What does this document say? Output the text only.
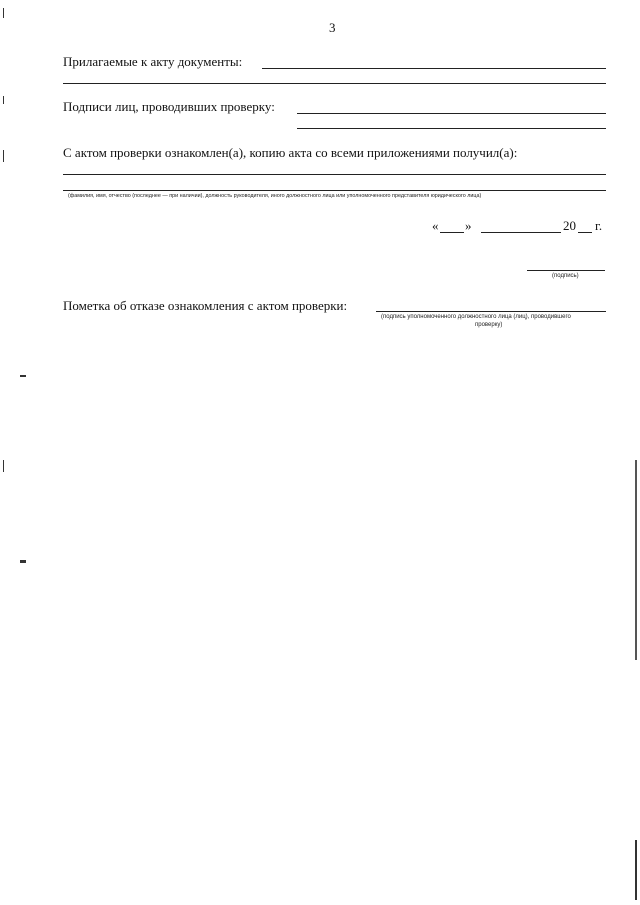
3
Прилагаемые к акту документы:
Подписи лиц, проводивших проверку:
С актом проверки ознакомлен(а), копию акта со всеми приложениями получил(а):
(фамилия, имя, отчество (последнее — при наличии), должность руководителя, иного должностного лица или уполномоченного представителя юридического лица)
« »	20 г.
(подпись)
Пометка об отказе ознакомления с актом проверки:
(подпись уполномоченного должностного лица (лиц), проводившего
проверку)
